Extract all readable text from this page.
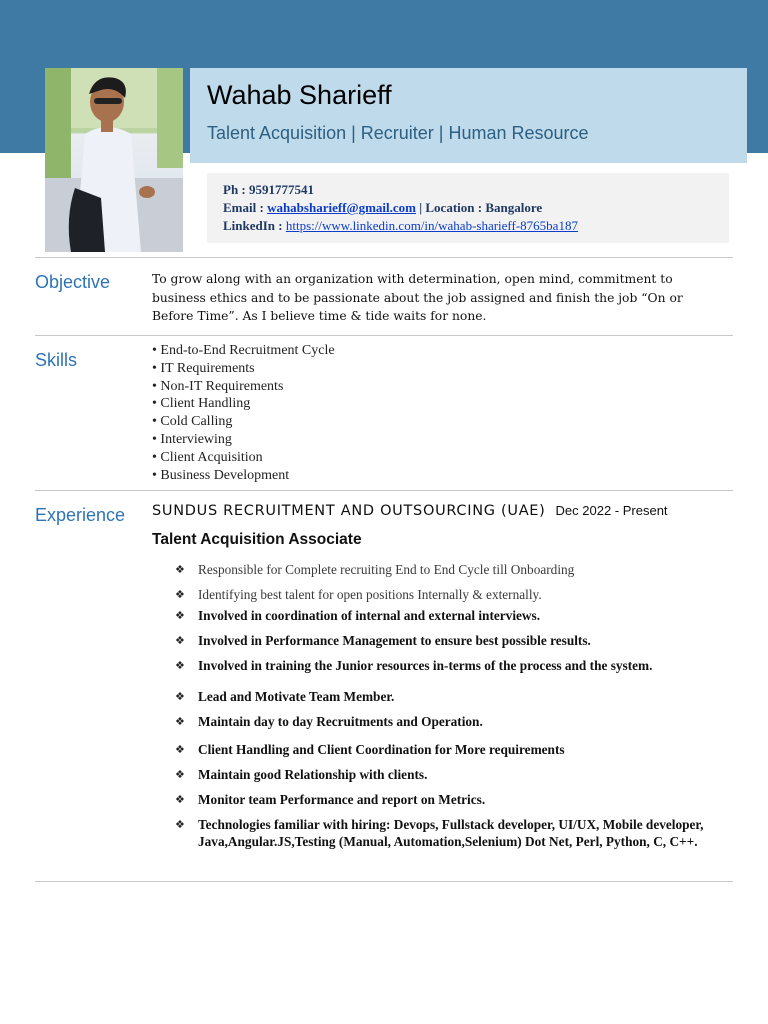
Wahab Sharieff
Talent Acquisition | Recruiter | Human Resource
Ph : 9591777541
Email : wahabsharieff@gmail.com | Location : Bangalore
LinkedIn : https://www.linkedin.com/in/wahab-sharieff-8765ba187
Objective	To grow along with an organization with determination, open mind, commitment to business ethics and to be passionate about the job assigned and finish the job “On or Before Time”. As I believe time & tide waits for none.
Skills	• End-to-End Recruitment Cycle
• IT Requirements
• Non-IT Requirements
• Client Handling
• Cold Calling
• Interviewing
• Client Acquisition
• Business Development
Experience SUNDUS RECRUITMENT AND OUTSOURCING (UAE) Dec 2022 - Present
Talent Acquisition Associate
❖ Responsible for Complete recruiting End to End Cycle till Onboarding
❖ Identifying best talent for open positions Internally & externally.
❖ Involved in coordination of internal and external interviews.
❖ Involved in Performance Management to ensure best possible results.
❖ Involved in training the Junior resources in-terms of the process and the system.
❖ Lead and Motivate Team Member.
❖ Maintain day to day Recruitments and Operation.
❖ Client Handling and Client Coordination for More requirements
❖ Maintain good Relationship with clients.
❖ Monitor team Performance and report on Metrics.
❖ Technologies familiar with hiring: Devops, Fullstack developer, UI/UX, Mobile developer, Java,Angular.JS,Testing (Manual, Automation,Selenium) Dot Net, Perl, Python, C, C++.
